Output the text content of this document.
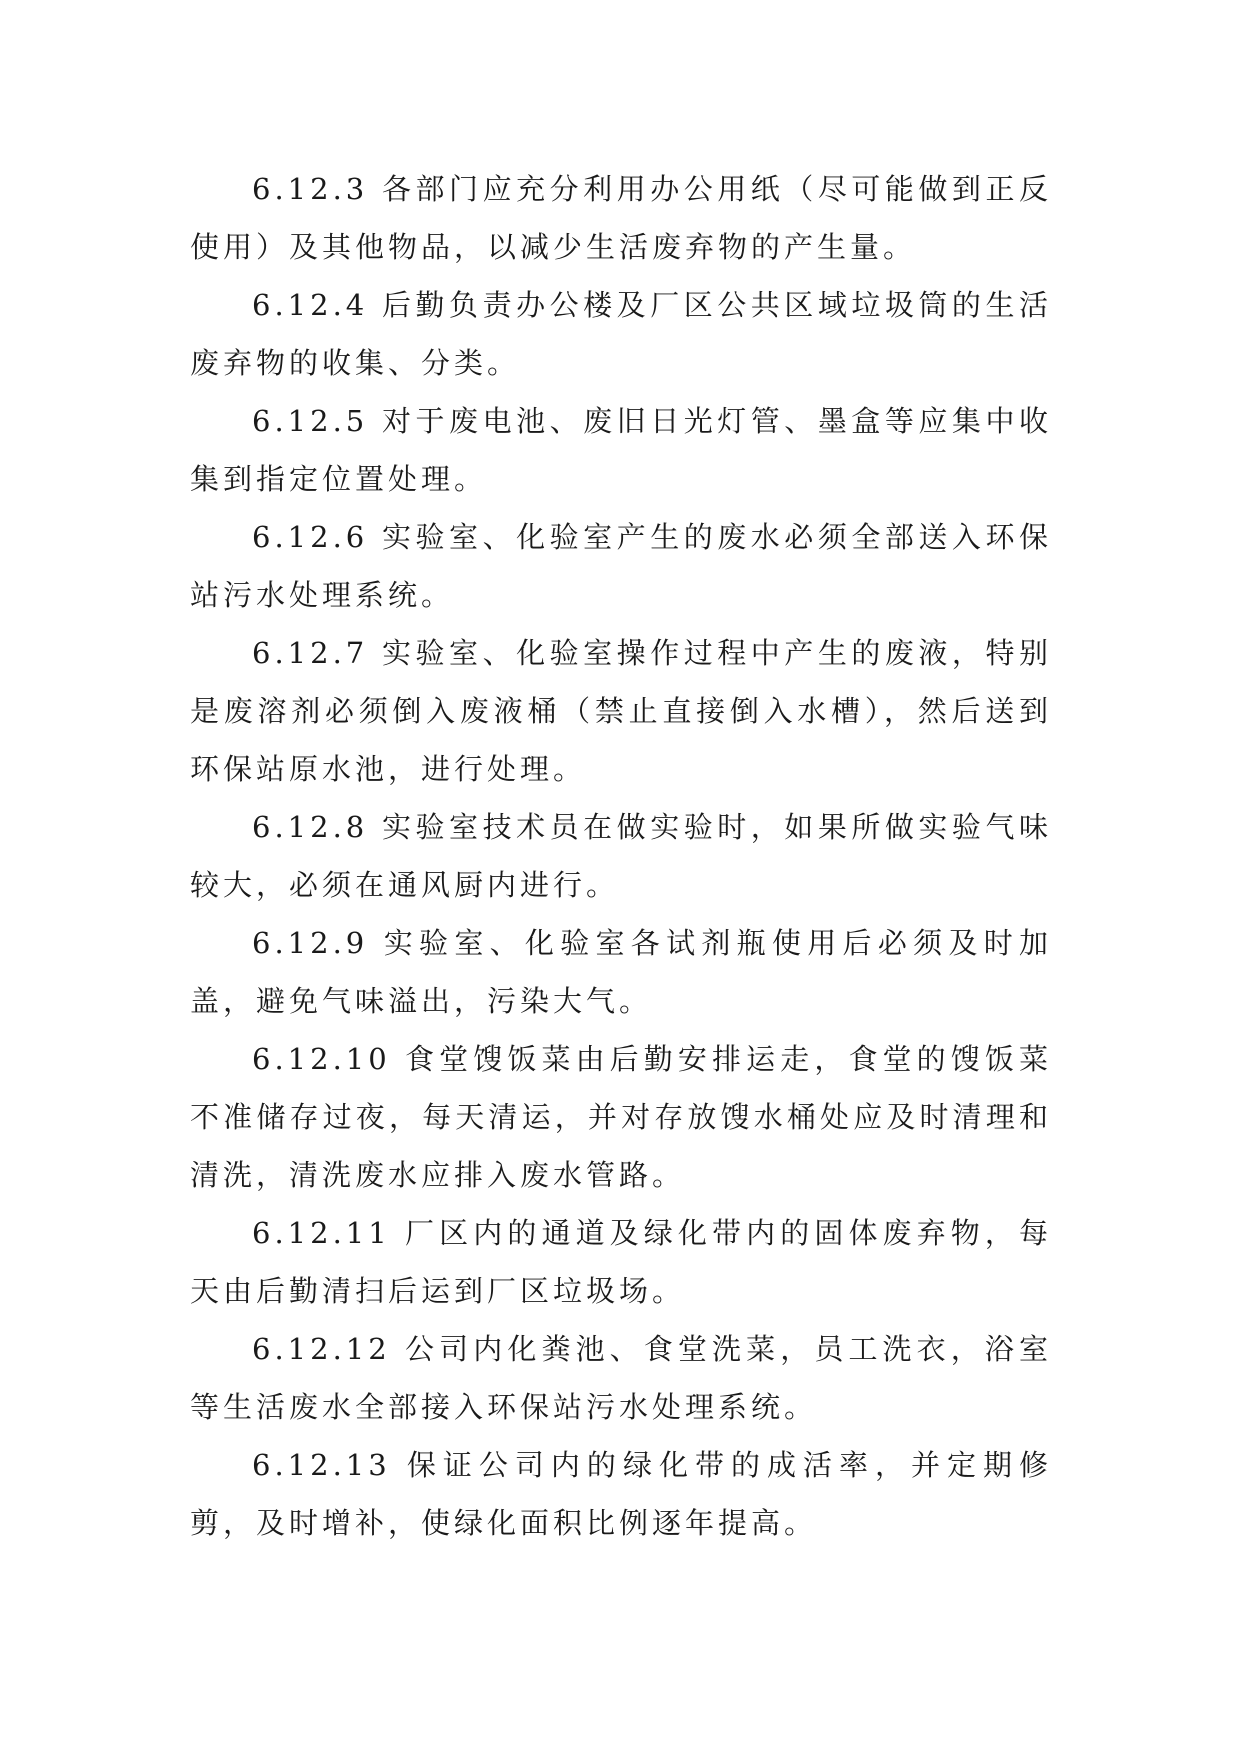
6.12.3 各部门应充分利用办公用纸（尽可能做到正反使用）及其他物品，以减少生活废弃物的产生量。

6.12.4 后勤负责办公楼及厂区公共区域垃圾筒的生活废弃物的收集、分类。

6.12.5 对于废电池、废旧日光灯管、墨盒等应集中收集到指定位置处理。

6.12.6 实验室、化验室产生的废水必须全部送入环保站污水处理系统。

6.12.7 实验室、化验室操作过程中产生的废液，特别是废溶剂必须倒入废液桶（禁止直接倒入水槽），然后送到环保站原水池，进行处理。

6.12.8 实验室技术员在做实验时，如果所做实验气味较大，必须在通风厨内进行。

6.12.9 实验室、化验室各试剂瓶使用后必须及时加盖，避免气味溢出，污染大气。

6.12.10 食堂馊饭菜由后勤安排运走，食堂的馊饭菜不准储存过夜，每天清运，并对存放馊水桶处应及时清理和清洗，清洗废水应排入废水管路。

6.12.11 厂区内的通道及绿化带内的固体废弃物，每天由后勤清扫后运到厂区垃圾场。

6.12.12 公司内化粪池、食堂洗菜，员工洗衣，浴室等生活废水全部接入环保站污水处理系统。

6.12.13 保证公司内的绿化带的成活率，并定期修剪，及时增补，使绿化面积比例逐年提高。
